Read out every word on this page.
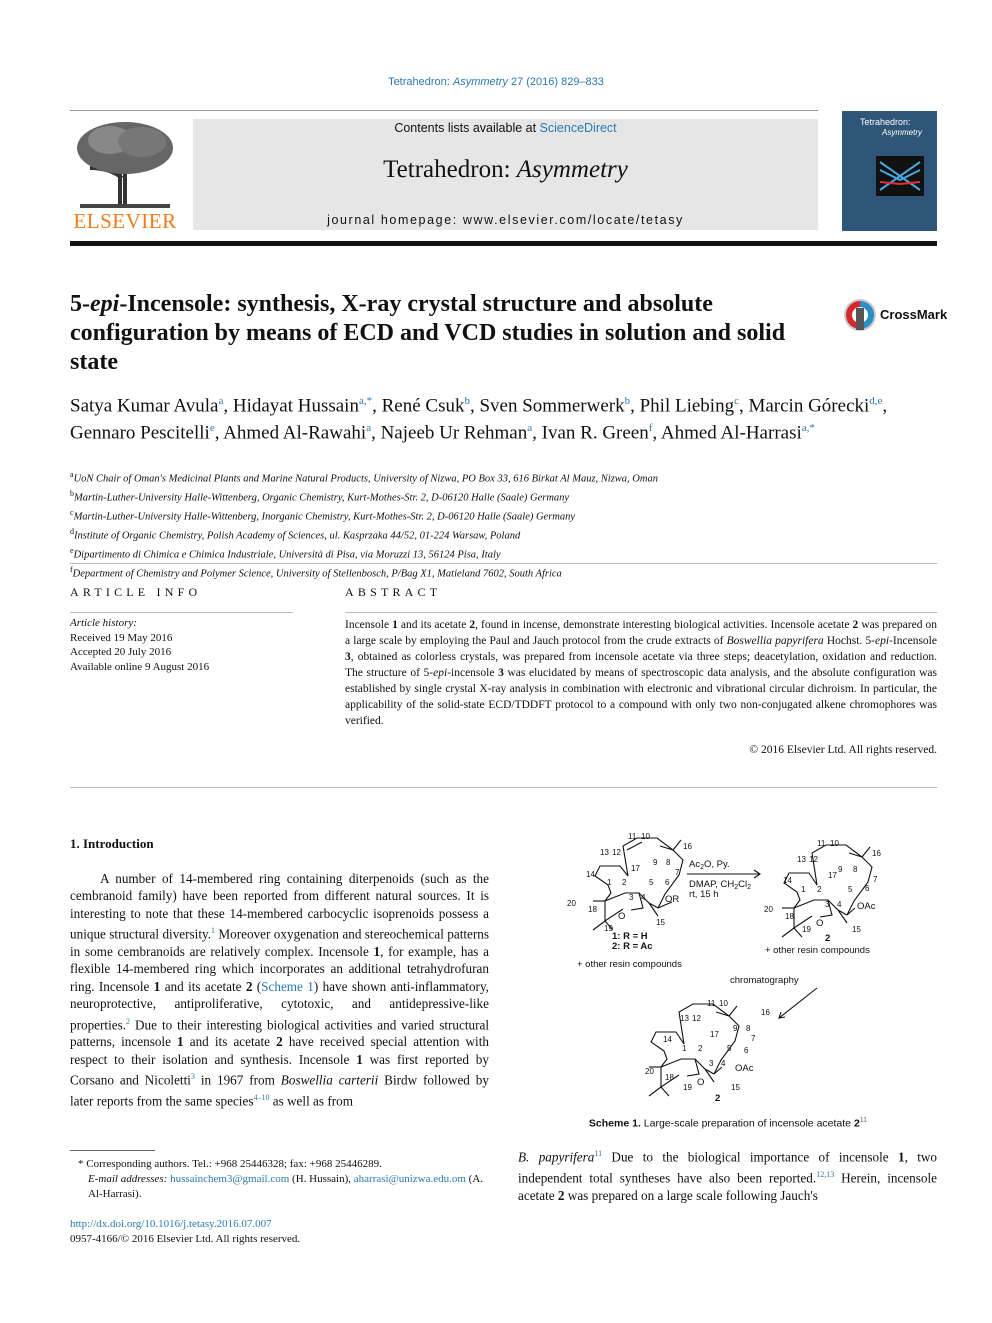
Tetrahedron: Asymmetry 27 (2016) 829–833
ELSEVIER
Contents lists available at ScienceDirect
Tetrahedron: Asymmetry
journal homepage: www.elsevier.com/locate/tetasy
Tetrahedron:
Asymmetry
5-epi-Incensole: synthesis, X-ray crystal structure and absolute configuration by means of ECD and VCD studies in solution and solid state
CrossMark
Satya Kumar Avula$^a$, Hidayat Hussain$^{a,*}$, René Csuk$^b$, Sven Sommerwerk$^b$, Phil Liebing$^c$, Marcin Górecki$^{d,e}$, Gennaro Pescitelli$^e$, Ahmed Al-Rawahi$^a$, Najeeb Ur Rehman$^a$, Ivan R. Green$^f$, Ahmed Al-Harrasi$^{a,*}$
$^a$UoN Chair of Oman's Medicinal Plants and Marine Natural Products, University of Nizwa, PO Box 33, 616 Birkat Al Mauz, Nizwa, Oman
$^b$Martin-Luther-University Halle-Wittenberg, Organic Chemistry, Kurt-Mothes-Str. 2, D-06120 Halle (Saale) Germany
$^c$Martin-Luther-University Halle-Wittenberg, Inorganic Chemistry, Kurt-Mothes-Str. 2, D-06120 Halle (Saale) Germany
$^d$Institute of Organic Chemistry, Polish Academy of Sciences, ul. Kasprzaka 44/52, 01-224 Warsaw, Poland
$^e$Dipartimento di Chimica e Chimica Industriale, Università di Pisa, via Moruzzi 13, 56124 Pisa, Italy
$^f$Department of Chemistry and Polymer Science, University of Stellenbosch, P/Bag X1, Matieland 7602, South Africa
ARTICLE INFO
Article history:
Received 19 May 2016
Accepted 20 July 2016
Available online 9 August 2016
ABSTRACT
Incensole 1 and its acetate 2, found in incense, demonstrate interesting biological activities. Incensole acetate 2 was prepared on a large scale by employing the Paul and Jauch protocol from the crude extracts of Boswellia papyrifera Hochst. 5-epi-Incensole 3, obtained as colorless crystals, was prepared from incensole acetate via three steps; deacetylation, oxidation and reduction. The structure of 5-epi-incensole 3 was elucidated by means of spectroscopic data analysis, and the absolute configuration was established by single crystal X-ray analysis in combination with electronic and vibrational circular dichroism. In particular, the applicability of the solid-state ECD/TDDFT protocol to a compound with only two non-conjugated alkene chromophores was verified.
© 2016 Elsevier Ltd. All rights reserved.
1. Introduction

A number of 14-membered ring containing diterpenoids (such as the cembranoid family) have been reported from different natural sources. It is interesting to note that these 14-membered carbocyclic isoprenoids possess a unique structural diversity.$^1$ Moreover oxygenation and stereochemical patterns in some cembranoids are relatively complex. Incensole 1, for example, has a flexible 14-membered ring which incorporates an additional tetrahydrofuran ring. Incensole 1 and its acetate 2 (Scheme 1) have shown anti-inflammatory, neuroprotective, antiproliferative, cytotoxic, and antidepressive-like properties.$^2$ Due to their interesting biological activities and varied structural patterns, incensole 1 and its acetate 2 have received special attention with respect to their isolation and synthesis. Incensole 1 was first reported by Corsano and Nicoletti$^3$ in 1967 from Boswellia carterii Birdw followed by later reports from the same species$^{4-10}$ as well as from

* Corresponding authors. Tel.: +968 25446328; fax: +968 25446289.
E-mail addresses: hussainchem3@gmail.com (H. Hussain), aharrasi@unizwa.edu.om (A. Al-Harrasi).
http://dx.doi.org/10.1016/j.tetasy.2016.07.007
0957-4166/© 2016 Elsevier Ltd. All rights reserved.
11 10
13 12
16
9 8
17	7
14
1 2	5 6
3 4 OR
20
18
O
19
15
1: R = H
2: R = Ac
+ other resin compounds
$Ac_2O$, Py.
DMAP, $CH_2Cl_2$
rt, 15 h
11 10
13 12
16
17
9 8
7
14
1 2	5 6
3 4 OAc
20
18
O
19	15
2
+ other resin compounds
chromatography
11 10
13 12
16
17
9 8
7
14
1 2	5 6
3 4 OAc
20
18 O
19	15
2
Scheme 1. Large-scale preparation of incensole acetate $2^{11}$

B. papyrifera$^{11}$ Due to the biological importance of incensole 1, two independent total syntheses have also been reported.$^{12,13}$ Herein, incensole acetate 2 was prepared on a large scale following Jauch's
